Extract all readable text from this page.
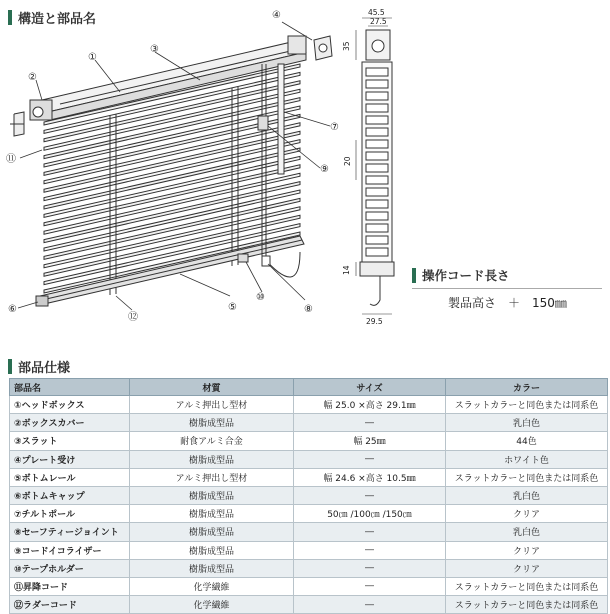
構造と部品名
①
②
③
④
⑤
⑥
⑦
⑧
⑨
⑩
⑪
⑫
45.5
27.5
35
20
14
29.5
操作コード長さ
製品高さ　＋　150㎜
部品仕様
部品名	材質	サイズ	カラー
①ヘッドボックス	アルミ押出し型材	幅 25.0 ×高さ 29.1㎜	スラットカラーと同色または同系色
②ボックスカバー	樹脂成型品	―	乳白色
③スラット	耐食アルミ合金	幅 25㎜	44色
④プレート受け	樹脂成型品	―	ホワイト色
⑤ボトムレール	アルミ押出し型材	幅 24.6 ×高さ 10.5㎜	スラットカラーと同色または同系色
⑥ボトムキャップ	樹脂成型品	―	乳白色
⑦チルトポール	樹脂成型品	50㎝ /100㎝ /150㎝	クリア
⑧セーフティージョイント	樹脂成型品	―	乳白色
⑨コードイコライザー	樹脂成型品	―	クリア
⑩テープホルダー	樹脂成型品	―	クリア
⑪昇降コード	化学繊維	―	スラットカラーと同色または同系色
⑫ラダーコード	化学繊維	―	スラットカラーと同色または同系色
